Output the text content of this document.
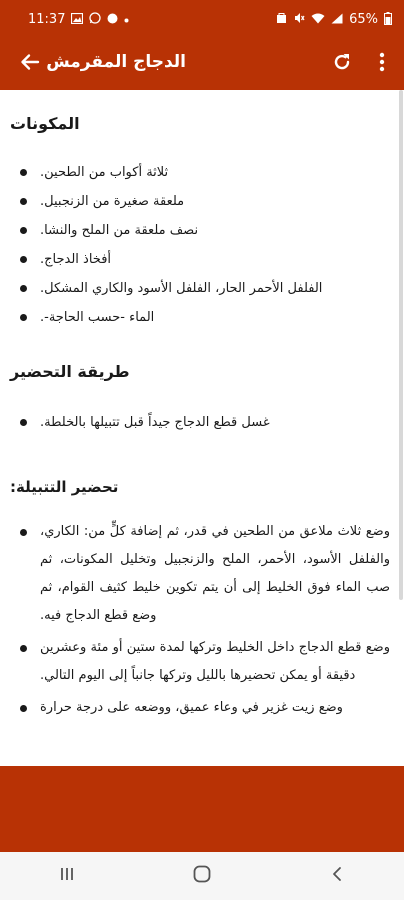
11:37	65%
الدجاج المقرمش
المكونات
ثلاثة أكواب من الطحين.
ملعقة صغيرة من الزنجبيل.
نصف ملعقة من الملح والنشا.
أفخاذ الدجاج.
الفلفل الأحمر الحار، الفلفل الأسود والكاري المشكل.
الماء -حسب الحاجة-.
طريقة التحضير
غسل قطع الدجاج جيداً قبل تتبيلها بالخلطة.
تحضير التتبيلة:
وضع ثلاث ملاعق من الطحين في قدر، ثم إضافة كلٍّ من: الكاري، والفلفل الأسود، الأحمر، الملح والزنجبيل وتخليل المكونات، ثم صب الماء فوق الخليط إلى أن يتم تكوين خليط كثيف القوام، ثم وضع قطع الدجاج فيه.
وضع قطع الدجاج داخل الخليط وتركها لمدة ستين أو مئة وعشرين دقيقة أو يمكن تحضيرها بالليل وتركها جانباً إلى اليوم التالي.
وضع زيت غزير في وعاء عميق، ووضعه على درجة حرارة
